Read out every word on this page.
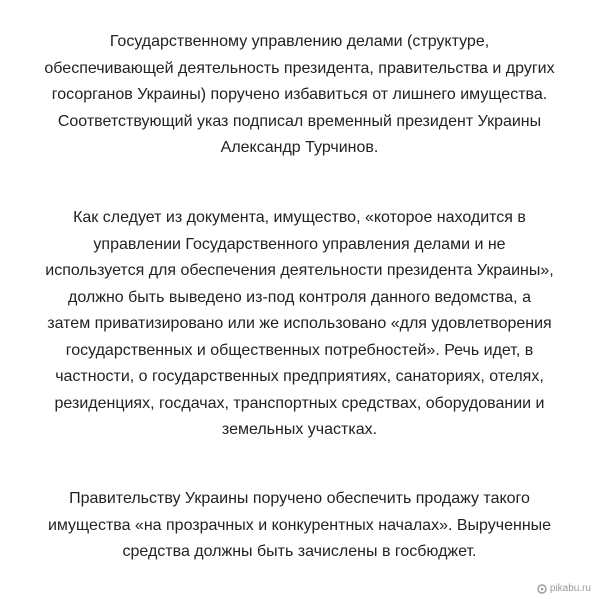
Государственному управлению делами (структуре,
обеспечивающей деятельность президента, правительства и других
госорганов Украины) поручено избавиться от лишнего имущества.
Соответствующий указ подписал временный президент Украины
Александр Турчинов.

Как следует из документа, имущество, «которое находится в
управлении Государственного управления делами и не
используется для обеспечения деятельности президента Украины»,
должно быть выведено из-под контроля данного ведомства, а
затем приватизировано или же использовано «для удовлетворения
государственных и общественных потребностей». Речь идет, в
частности, о государственных предприятиях, санаториях, отелях,
резиденциях, госдачах, транспортных средствах, оборудовании и
земельных участках.

Правительству Украины поручено обеспечить продажу такого
имущества «на прозрачных и конкурентных началах». Вырученные
средства должны быть зачислены в госбюджет.

pikabu.ru
